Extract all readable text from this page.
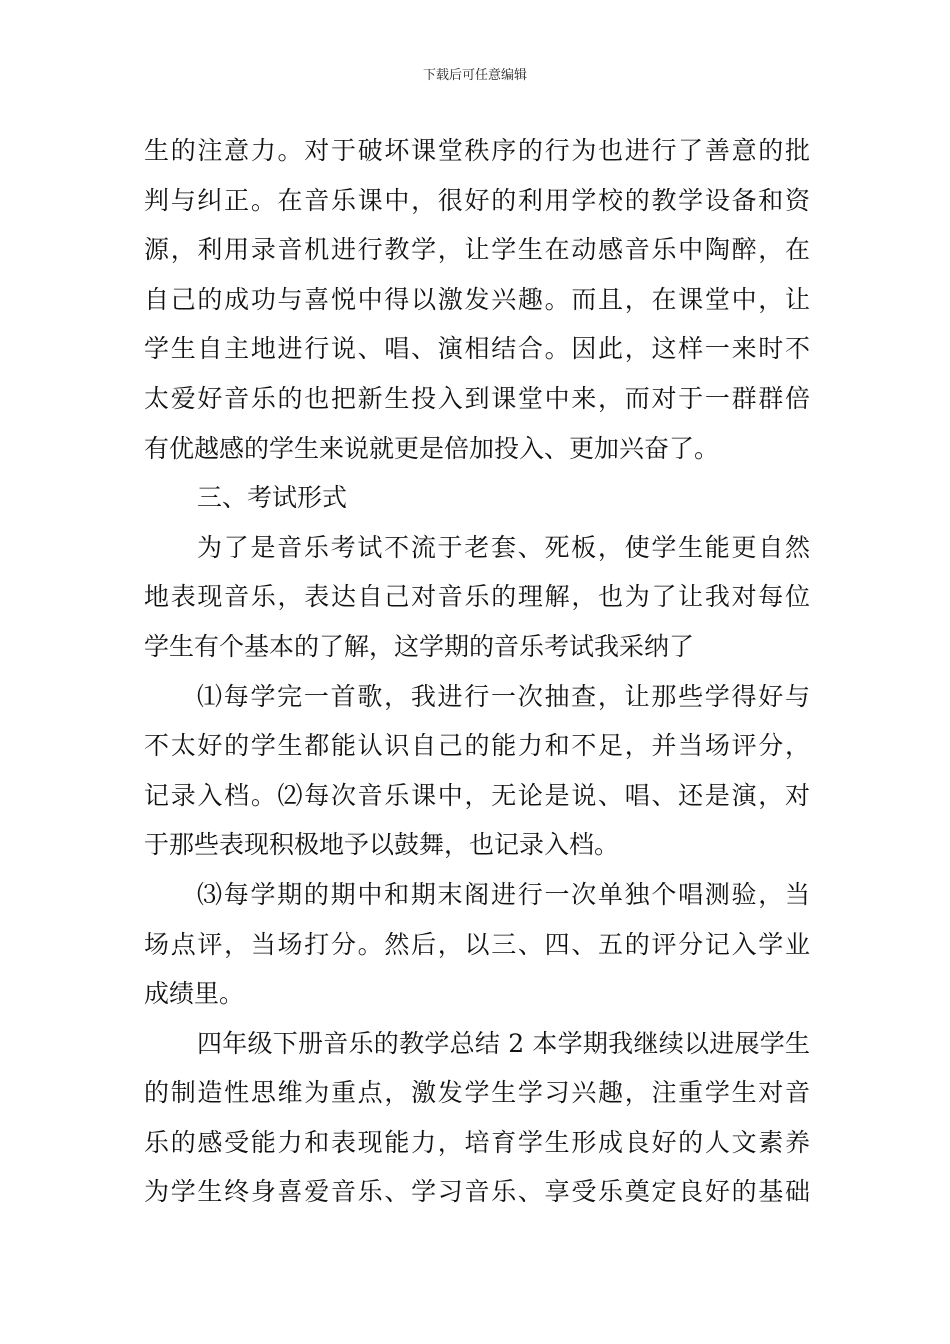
下载后可任意编辑
生的注意力。对于破坏课堂秩序的行为也进行了善意的批
判与纠正。在音乐课中，很好的利用学校的教学设备和资
源，利用录音机进行教学，让学生在动感音乐中陶醉，在
自己的成功与喜悦中得以激发兴趣。而且，在课堂中，让
学生自主地进行说、唱、演相结合。因此，这样一来时不
太爱好音乐的也把新生投入到课堂中来，而对于一群群倍
有优越感的学生来说就更是倍加投入、更加兴奋了。
三、考试形式
为了是音乐考试不流于老套、死板，使学生能更自然
地表现音乐，表达自己对音乐的理解，也为了让我对每位
学生有个基本的了解，这学期的音乐考试我采纳了
⑴每学完一首歌，我进行一次抽查，让那些学得好与
不太好的学生都能认识自己的能力和不足，并当场评分，
记录入档。⑵每次音乐课中，无论是说、唱、还是演，对
于那些表现积极地予以鼓舞，也记录入档。
⑶每学期的期中和期末阁进行一次单独个唱测验，当
场点评，当场打分。然后，以三、四、五的评分记入学业
成绩里。
四年级下册音乐的教学总结 2 本学期我继续以进展学生
的制造性思维为重点，激发学生学习兴趣，注重学生对音
乐的感受能力和表现能力，培育学生形成良好的人文素养
为学生终身喜爱音乐、学习音乐、享受乐奠定良好的基础
